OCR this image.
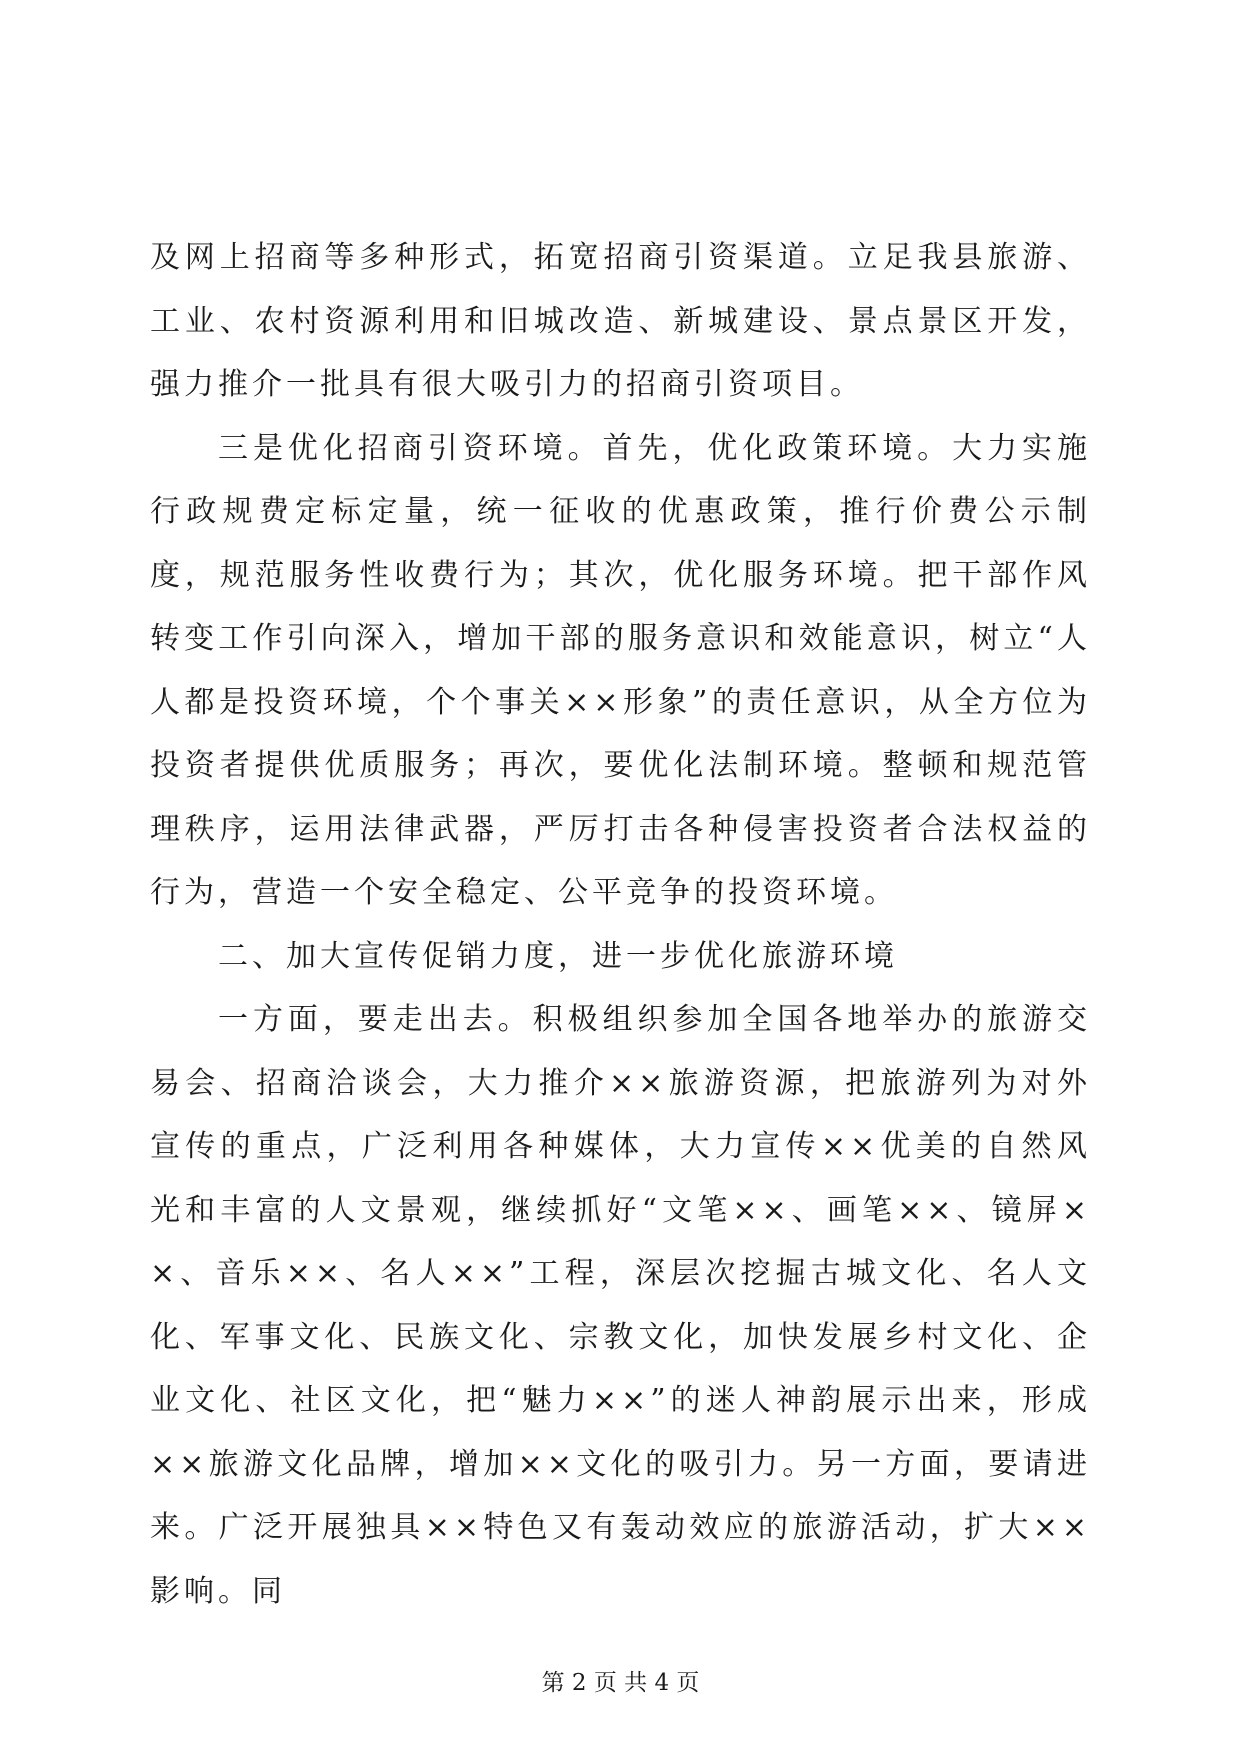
及网上招商等多种形式，拓宽招商引资渠道。立足我县旅游、工业、农村资源利用和旧城改造、新城建设、景点景区开发，强力推介一批具有很大吸引力的招商引资项目。

三是优化招商引资环境。首先，优化政策环境。大力实施行政规费定标定量，统一征收的优惠政策，推行价费公示制度，规范服务性收费行为；其次，优化服务环境。把干部作风转变工作引向深入，增加干部的服务意识和效能意识，树立“人人都是投资环境，个个事关××形象”的责任意识，从全方位为投资者提供优质服务；再次，要优化法制环境。整顿和规范管理秩序，运用法律武器，严厉打击各种侵害投资者合法权益的行为，营造一个安全稳定、公平竞争的投资环境。

二、加大宣传促销力度，进一步优化旅游环境

一方面，要走出去。积极组织参加全国各地举办的旅游交易会、招商洽谈会，大力推介××旅游资源，把旅游列为对外宣传的重点，广泛利用各种媒体，大力宣传××优美的自然风光和丰富的人文景观，继续抓好“文笔××、画笔××、镜屏××、音乐××、名人××”工程，深层次挖掘古城文化、名人文化、军事文化、民族文化、宗教文化，加快发展乡村文化、企业文化、社区文化，把“魅力××”的迷人神韵展示出来，形成××旅游文化品牌，增加××文化的吸引力。另一方面，要请进来。广泛开展独具××特色又有轰动效应的旅游活动，扩大××影响。同

第 2 页 共 4 页
